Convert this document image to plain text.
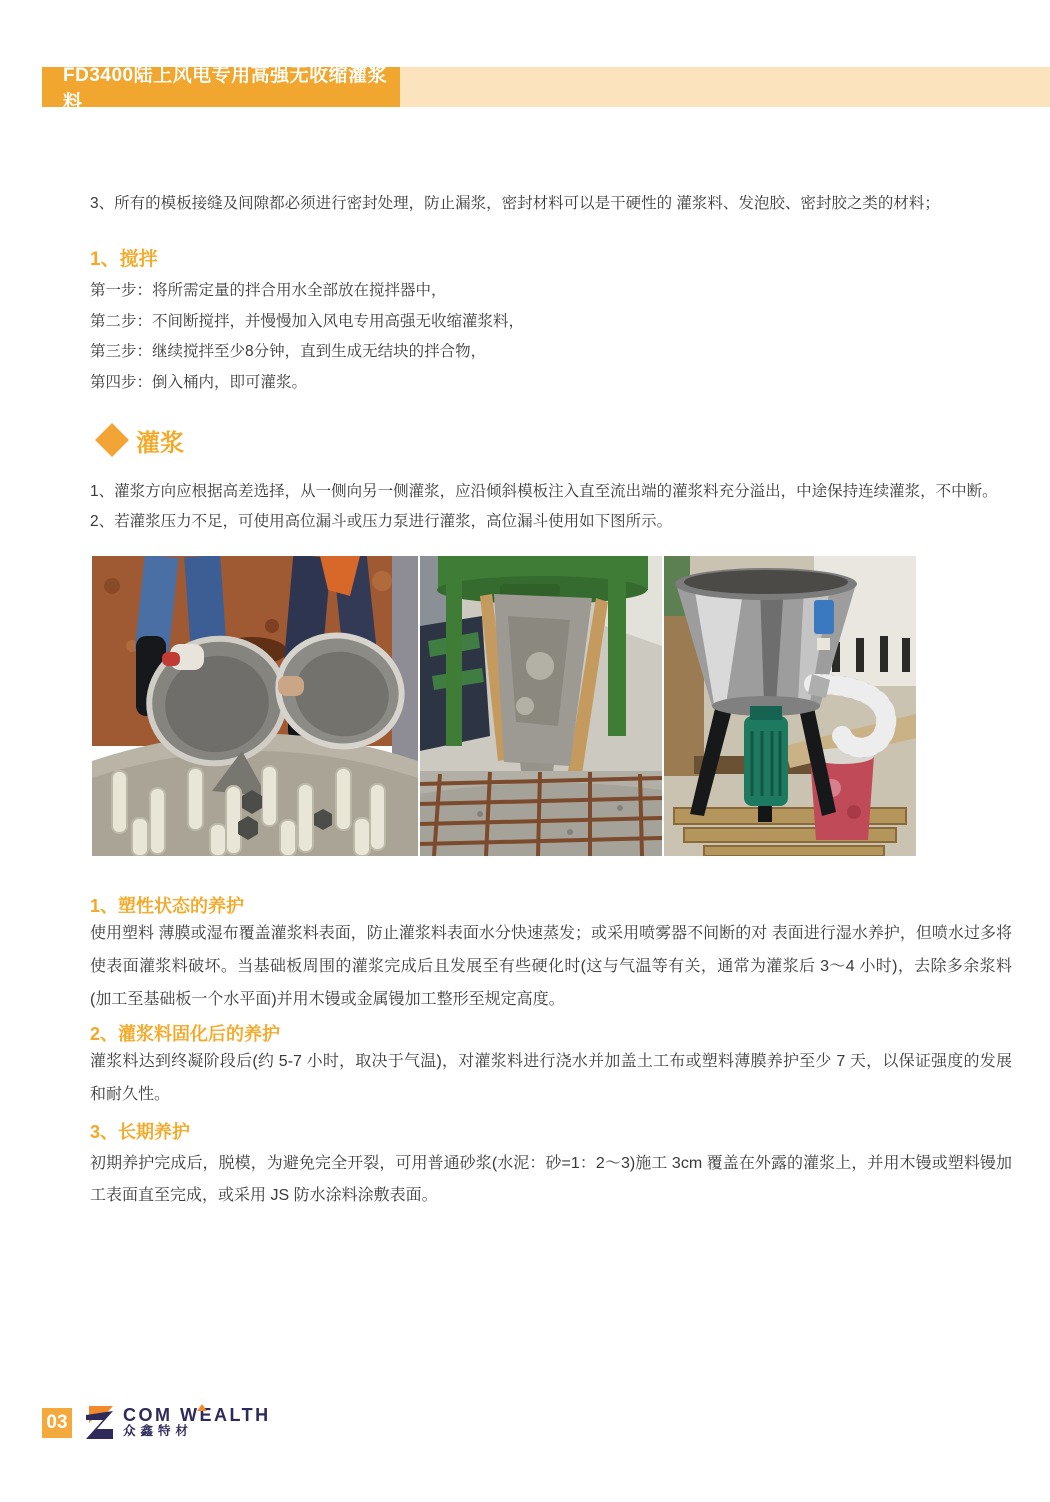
FD3400陆上风电专用高强无收缩灌浆料
3、所有的模板接缝及间隙都必须进行密封处理，防止漏浆，密封材料可以是干硬性的 灌浆料、发泡胶、密封胶之类的材料；
1、搅拌
第一步：将所需定量的拌合用水全部放在搅拌器中，
第二步：不间断搅拌，并慢慢加入风电专用高强无收缩灌浆料，
第三步：继续搅拌至少8分钟，直到生成无结块的拌合物，
第四步：倒入桶内，即可灌浆。
灌浆
1、灌浆方向应根据高差选择，从一侧向另一侧灌浆，应沿倾斜模板注入直至流出端的灌浆料充分溢出，中途保持连续灌浆，不中断。
2、若灌浆压力不足，可使用高位漏斗或压力泵进行灌浆，高位漏斗使用如下图所示。
1、塑性状态的养护
使用塑料 薄膜或湿布覆盖灌浆料表面，防止灌浆料表面水分快速蒸发；或采用喷雾器不间断的对 表面进行湿水养护，但喷水过多将使表面灌浆料破坏。当基础板周围的灌浆完成后且发展至有些硬化时(这与气温等有关，通常为灌浆后 3～4 小时)，去除多余浆料(加工至基础板一个水平面)并用木镘或金属镘加工整形至规定高度。
2、灌浆料固化后的养护
灌浆料达到终凝阶段后(约 5-7 小时，取决于气温)，对灌浆料进行浇水并加盖土工布或塑料薄膜养护至少 7 天，以保证强度的发展和耐久性。
3、长期养护
初期养护完成后，脱模，为避免完全开裂，可用普通砂浆(水泥：砂=1：2～3)施工 3cm 覆盖在外露的灌浆上，并用木镘或塑料镘加工表面直至完成，或采用 JS 防水涂料涂敷表面。
03	COM WEALTH
众鑫特材
